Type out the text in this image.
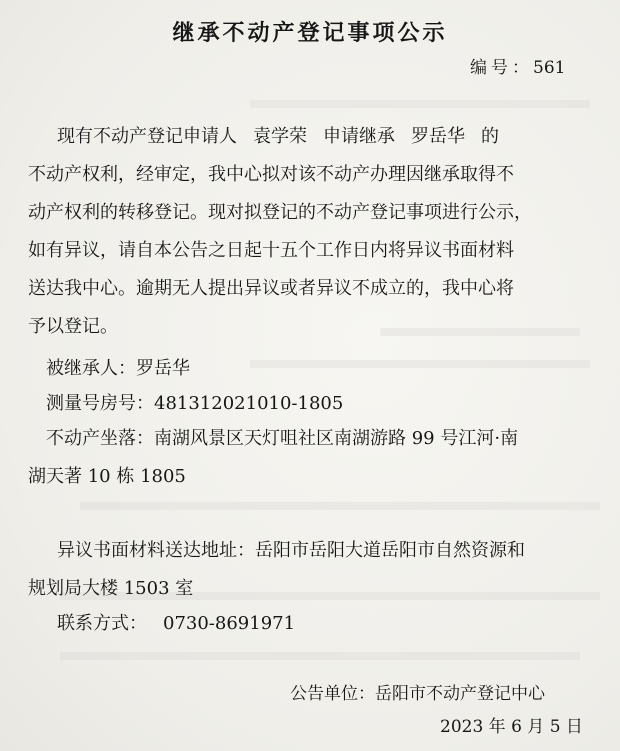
继承不动产登记事项公示
编号：561
现有不动产登记申请人 袁学荣 申请继承 罗岳华 的
不动产权利，经审定，我中心拟对该不动产办理因继承取得不
动产权利的转移登记。现对拟登记的不动产登记事项进行公示，
如有异议，请自本公告之日起十五个工作日内将异议书面材料
送达我中心。逾期无人提出异议或者异议不成立的，我中心将
予以登记。
被继承人：罗岳华
测量号房号：481312021010-1805
不动产坐落：南湖风景区天灯咀社区南湖游路 99 号江河·南
湖天著 10 栋 1805
异议书面材料送达地址：岳阳市岳阳大道岳阳市自然资源和
规划局大楼 1503 室
联系方式： 0730-8691971
公告单位：岳阳市不动产登记中心
2023 年 6 月 5 日
